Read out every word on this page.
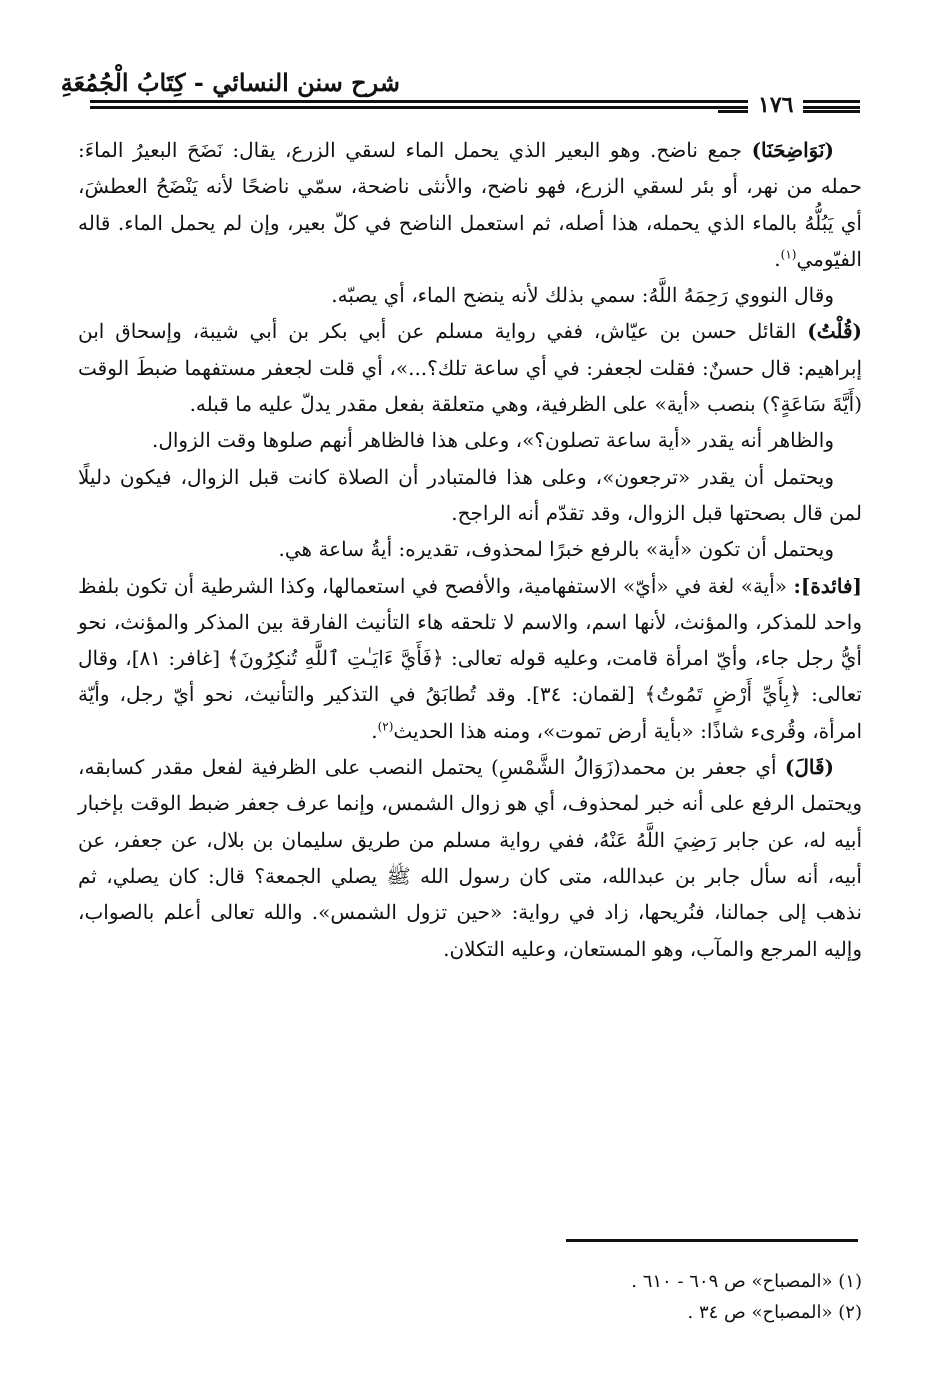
شرح سنن النسائي - كِتَابُ الْجُمُعَةِ
١٧٦

(نَوَاضِحَنَا) جمع ناضح. وهو البعير الذي يحمل الماء لسقي الزرع، يقال: نَضَحَ البعيرُ الماءَ: حمله من نهر، أو بئر لسقي الزرع، فهو ناضح، والأنثى ناضحة، سمّي ناضحًا لأنه يَنْضَحُ العطشَ، أي يَبُلُّهُ بالماء الذي يحمله، هذا أصله، ثم استعمل الناضح في كلّ بعير، وإن لم يحمل الماء. قاله الفيّومي$^{(١)}$.

وقال النووي رَحِمَهُ اللَّهُ: سمي بذلك لأنه ينضح الماء، أي يصبّه.

(قُلْتُ) القائل حسن بن عيّاش، ففي رواية مسلم عن أبي بكر بن أبي شيبة، وإسحاق ابن إبراهيم: قال حسنٌ: فقلت لجعفر: في أي ساعة تلك؟...»، أي قلت لجعفر مستفهما ضبطَ الوقت (أَيَّةَ سَاعَةٍ؟) بنصب «أية» على الظرفية، وهي متعلقة بفعل مقدر يدلّ عليه ما قبله.

والظاهر أنه يقدر «أية ساعة تصلون؟»، وعلى هذا فالظاهر أنهم صلوها وقت الزوال.

ويحتمل أن يقدر «ترجعون»، وعلى هذا فالمتبادر أن الصلاة كانت قبل الزوال، فيكون دليلًا لمن قال بصحتها قبل الزوال، وقد تقدّم أنه الراجح.

ويحتمل أن تكون «أية» بالرفع خبرًا لمحذوف، تقديره: أيةُ ساعة هي.

[فائدة]: «أية» لغة في «أيّ» الاستفهامية، والأفصح في استعمالها، وكذا الشرطية أن تكون بلفظ واحد للمذكر، والمؤنث، لأنها اسم، والاسم لا تلحقه هاء التأنيث الفارقة بين المذكر والمؤنث، نحو أيُّ رجل جاء، وأيّ امرأة قامت، وعليه قوله تعالى: ﴿فَأَيَّ ءَايَـٰتِ ٱللَّهِ تُنكِرُونَ﴾ [غافر: ٨١]، وقال تعالى: ﴿بِأَيِّ أَرْضٍ تَمُوتُ﴾ [لقمان: ٣٤]. وقد تُطابَقُ في التذكير والتأنيث، نحو أيّ رجل، وأيّة امرأة، وقُرىء شاذًا: «بأية أرض تموت»، ومنه هذا الحديث$^{(٢)}$.

(قَالَ) أي جعفر بن محمد(زَوَالُ الشَّمْسِ) يحتمل النصب على الظرفية لفعل مقدر كسابقه، ويحتمل الرفع على أنه خبر لمحذوف، أي هو زوال الشمس، وإنما عرف جعفر ضبط الوقت بإخبار أبيه له، عن جابر رَضِيَ اللَّهُ عَنْهُ، ففي رواية مسلم من طريق سليمان بن بلال، عن جعفر، عن أبيه، أنه سأل جابر بن عبدالله، متى كان رسول الله ﷺ يصلي الجمعة؟ قال: كان يصلي، ثم نذهب إلى جمالنا، فنُريحها، زاد في رواية: «حين تزول الشمس». والله تعالى أعلم بالصواب، وإليه المرجع والمآب، وهو المستعان، وعليه التكلان.

(١) «المصباح» ص ٦٠٩ - ٦١٠ .
(٢) «المصباح» ص ٣٤ .
